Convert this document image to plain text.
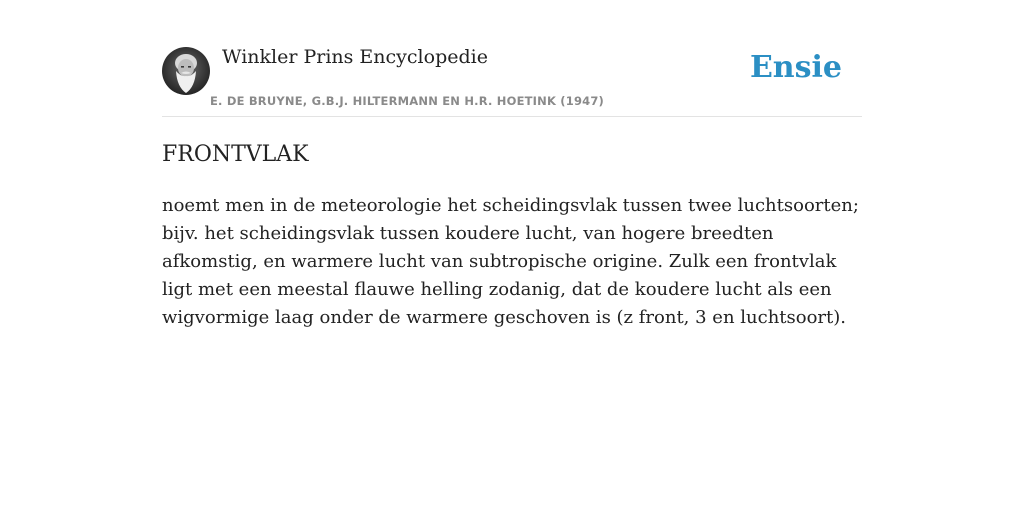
Winkler Prins Encyclopedie
E. DE BRUYNE, G.B.J. HILTERMANN EN H.R. HOETINK (1947)
Ensie
FRONTVLAK

noemt men in de meteorologie het scheidingsvlak tussen twee luchtsoorten; bijv. het scheidingsvlak tussen koudere lucht, van hogere breedten afkomstig, en warmere lucht van subtropische origine. Zulk een frontvlak ligt met een meestal flauwe helling zodanig, dat de koudere lucht als een wigvormige laag onder de warmere geschoven is (z front, 3 en luchtsoort).
